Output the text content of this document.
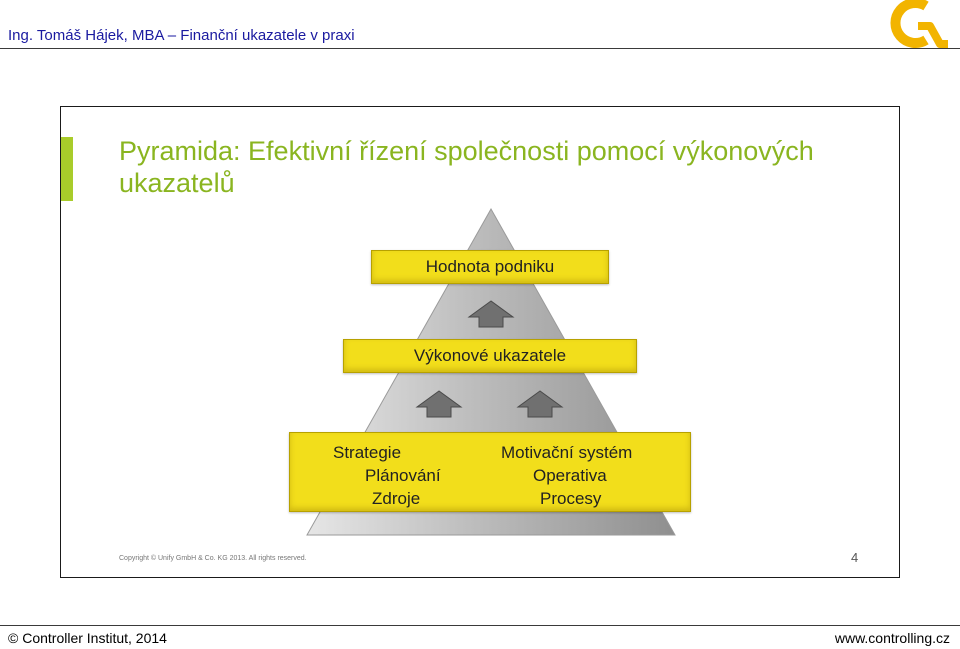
Ing. Tomáš Hájek, MBA – Finanční ukazatele v praxi
Pyramida: Efektivní řízení společnosti pomocí výkonových ukazatelů
Hodnota podniku
Výkonové ukazatele
Strategie
Plánování
Zdroje
Motivační systém
Operativa
Procesy
Copyright © Unify GmbH & Co. KG 2013. All rights reserved.	4
© Controller Institut, 2014	www.controlling.cz
